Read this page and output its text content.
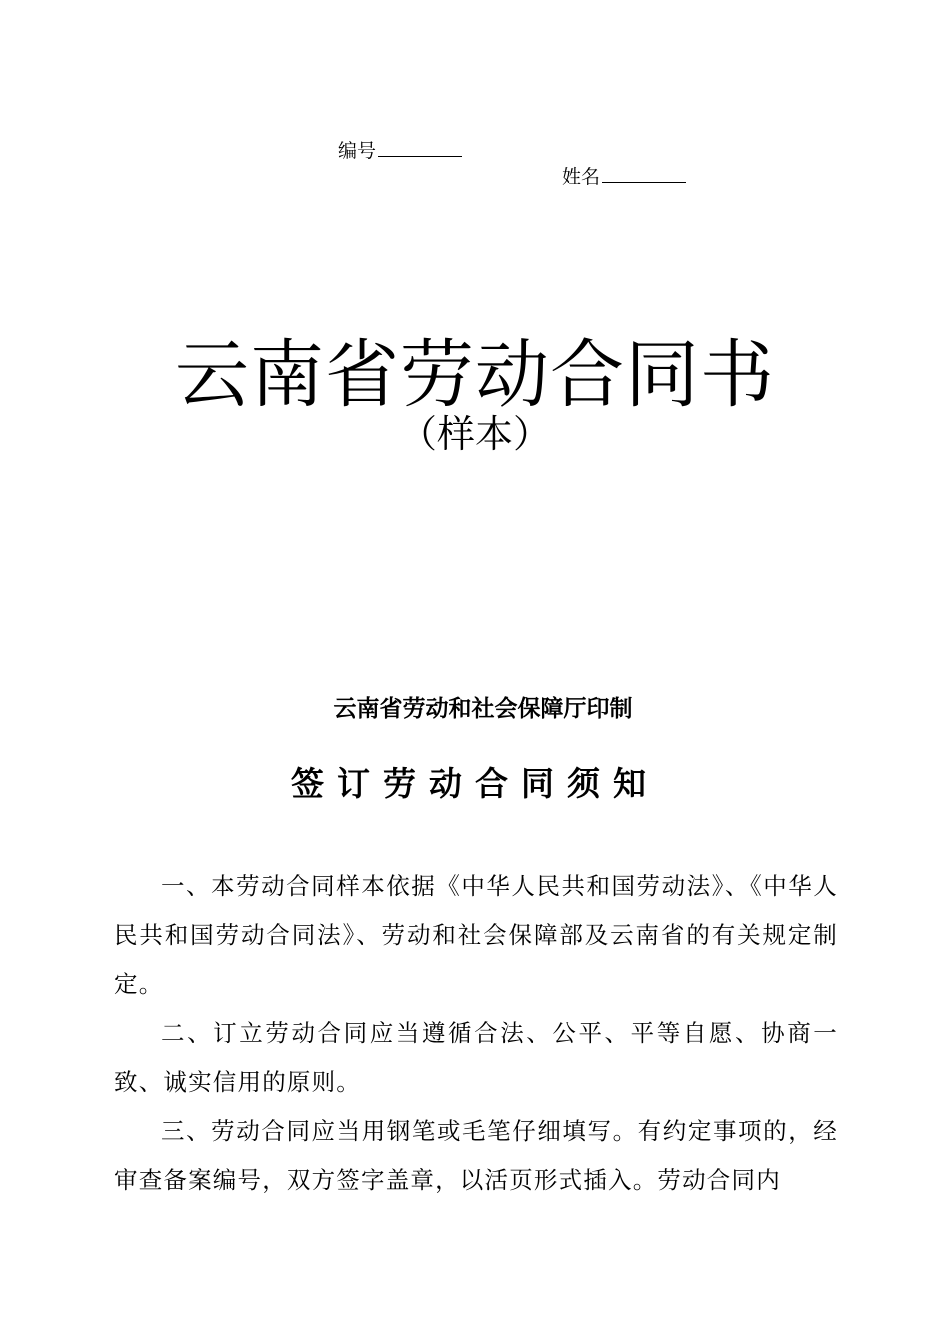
编号
姓名
云南省劳动合同书
（样本）
云南省劳动和社会保障厅印制
签订劳动合同须知

一、本劳动合同样本依据《中华人民共和国劳动法》、《中华人民共和国劳动合同法》、劳动和社会保障部及云南省的有关规定制定。

二、订立劳动合同应当遵循合法、公平、平等自愿、协商一致、诚实信用的原则。

三、劳动合同应当用钢笔或毛笔仔细填写。有约定事项的，经审查备案编号，双方签字盖章，以活页形式插入。劳动合同内
